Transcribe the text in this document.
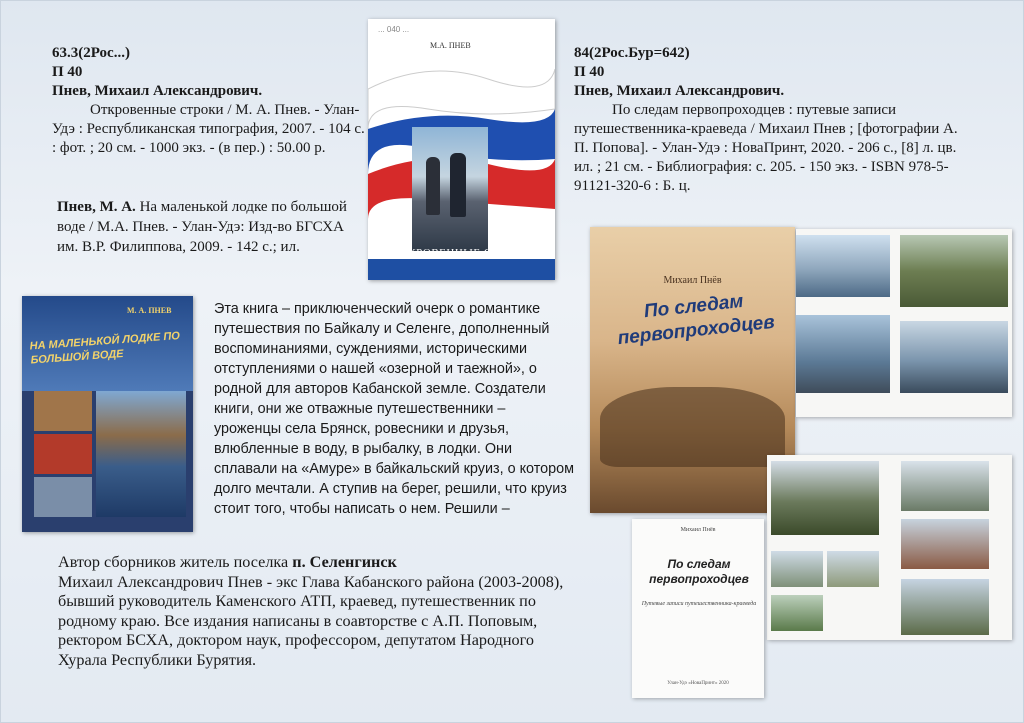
63.3(2Рос...)
П 40
Пнев, Михаил Александрович.
Откровенные строки / М. А. Пнев. - Улан-Удэ : Республиканская типография, 2007. - 104 с. : фот. ; 20 см. - 1000 экз. - (в пер.) : 50.00 р.
Пнев, М. А. На маленькой лодке по большой воде / М.А. Пнев. - Улан-Удэ: Изд-во БГСХА им. В.Р. Филиппова, 2009. - 142 с.; ил.
84(2Рос.Бур=642)
П 40
Пнев, Михаил Александрович.
По следам первопроходцев : путевые записи путешественника-краеведа / Михаил Пнев ; [фотографии А. П. Попова]. - Улан-Удэ : НоваПринт, 2020. - 206 с., [8] л. цв. ил. ; 21 см. - Библиография: с. 205. - 150 экз. - ISBN 978-5-91121-320-6 : Б. ц.
Эта книга – приключенческий очерк о романтике путешествия по Байкалу и Селенге, дополненный воспоминаниями, суждениями, историческими отступлениями о нашей «озерной и таежной», о родной для авторов Кабанской земле. Создатели книги, они же отважные путешественники – уроженцы села Брянск, ровесники и друзья, влюбленные в воду, в рыбалку, в лодки. Они сплавали на «Амуре» в байкальский круиз, о котором долго мечтали. А ступив на берег, решили, что круиз стоит того, чтобы написать о нем. Решили –
Автор сборников житель поселка п. Селенгинск
Михаил Александрович Пнев - экс Глава Кабанского района (2003-2008), бывший руководитель Каменского АТП, краевед, путешественник по родному краю. Все издания написаны в соавторстве с А.П. Поповым, ректором БСХА, доктором наук, профессором, депутатом Народного Хурала Республики Бурятия.
... 040 ...
М.А. ПНЕВ
ОТКРОВЕННЫЕ СТРОКИ
М. А. ПНЕВ
НА МАЛЕНЬКОЙ ЛОДКЕ ПО БОЛЬШОЙ ВОДЕ
Михаил Пнёв
По следам первопроходцев
Михаил Пнёв
По следам первопроходцев
Путевые записи путешественника-краеведа
Улан-Удэ «НоваПринт» 2020
